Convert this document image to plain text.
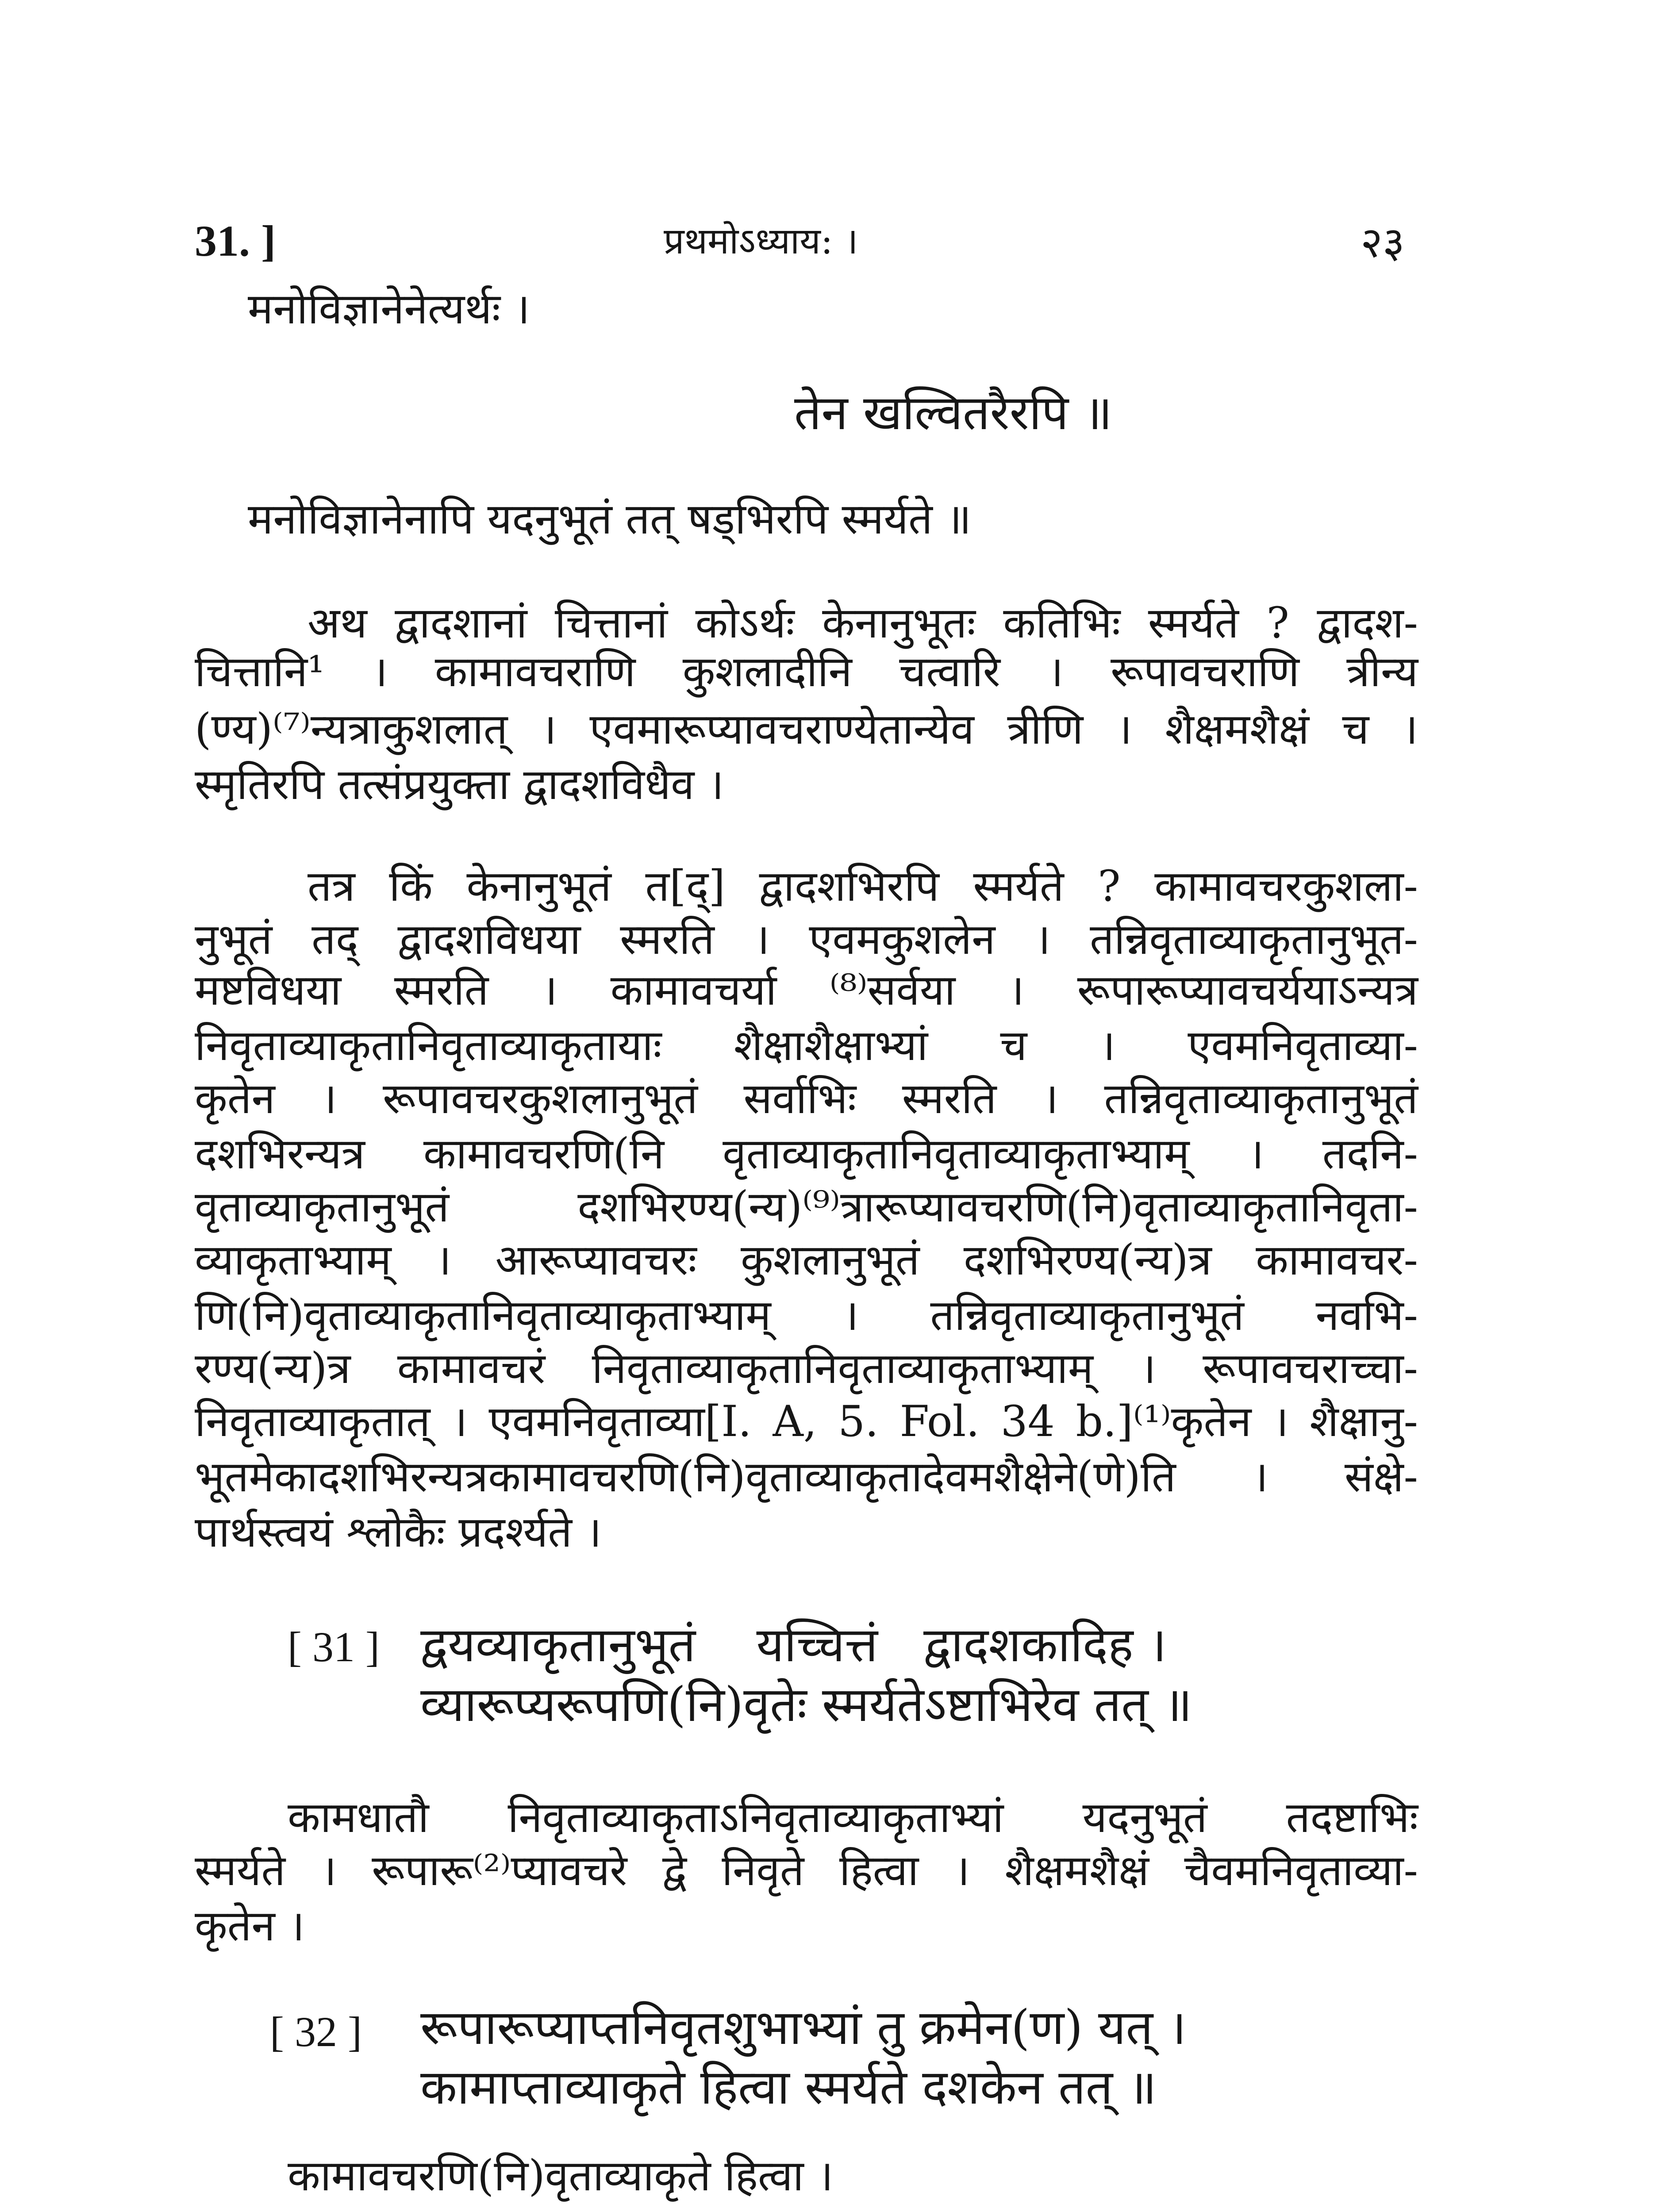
31. ]	प्रथमोऽध्याय: ।	२३
मनोविज्ञानेनेत्यर्थः ।
तेन खल्वितरैरपि ॥
मनोविज्ञानेनापि यदनुभूतं तत् षड्भिरपि स्मर्यते ॥
अथ द्वादशानां चित्तानां कोऽर्थः केनानुभूतः कतिभिः स्मर्यते ? द्वादश-
चित्तानि¹ । कामावचराणि कुशलादीनि चत्वारि । रूपावचराणि त्रीन्य
(ण्य)⁽⁷⁾न्यत्राकुशलात् । एवमारूप्यावचराण्येतान्येव त्रीणि । शैक्षमशैक्षं च ।
स्मृतिरपि तत्संप्रयुक्ता द्वादशविधैव ।
तत्र किं केनानुभूतं त[द्] द्वादशभिरपि स्मर्यते ? कामावचरकुशला-
नुभूतं तद् द्वादशविधया स्मरति । एवमकुशलेन । तन्निवृताव्याकृतानुभूत-
मष्टविधया स्मरति । कामावचर्या ⁽⁸⁾सर्वया । रूपारूप्यावचर्ययाऽन्यत्र
निवृताव्याकृतानिवृताव्याकृतायाः शैक्षाशैक्षाभ्यां च । एवमनिवृताव्या-
कृतेन । रूपावचरकुशलानुभूतं सर्वाभिः स्मरति । तन्निवृताव्याकृतानुभूतं
दशभिरन्यत्र कामावचरणि(नि वृताव्याकृतानिवृताव्याकृताभ्याम् । तदनि-
वृताव्याकृतानुभूतं दशभिरण्य(न्य)⁽⁹⁾त्रारूप्यावचरणि(नि)वृताव्याकृतानिवृता-
व्याकृताभ्याम् । आरूप्यावचरः कुशलानुभूतं दशभिरण्य(न्य)त्र कामावचर-
णि(नि)वृताव्याकृतानिवृताव्याकृताभ्याम् । तन्निवृताव्याकृतानुभूतं नवभि-
रण्य(न्य)त्र कामावचरं निवृताव्याकृतानिवृताव्याकृताभ्याम् । रूपावचराच्चा-
निवृताव्याकृतात् । एवमनिवृताव्या[I. A, 5. Fol. 34 b.]⁽¹⁾कृतेन । शैक्षानु-
भूतमेकादशभिरन्यत्रकामावचरणि(नि)वृताव्याकृतादेवमशैक्षेने(णे)ति । संक्षे-
पार्थस्त्वयं श्लोकैः प्रदर्श्यते ।
[ 31 ] द्वयव्याकृतानुभूतं    यच्चित्तं   द्वादशकादिह ।
व्यारूप्यरूपणि(नि)वृतेः स्मर्यतेऽष्टाभिरेव तत् ॥
कामधातौ निवृताव्याकृताऽनिवृताव्याकृताभ्यां यदनुभूतं तदष्टाभिः
स्मर्यते । रूपारू⁽²⁾प्यावचरे द्वे निवृते हित्वा । शैक्षमशैक्षं चैवमनिवृताव्या-
कृतेन ।
[ 32 ] रूपारूप्याप्तनिवृतशुभाभ्यां तु क्रमेन(ण) यत् ।
कामाप्ताव्याकृते हित्वा स्मर्यते दशकेन तत् ॥
कामावचरणि(नि)वृताव्याकृते हित्वा ।
